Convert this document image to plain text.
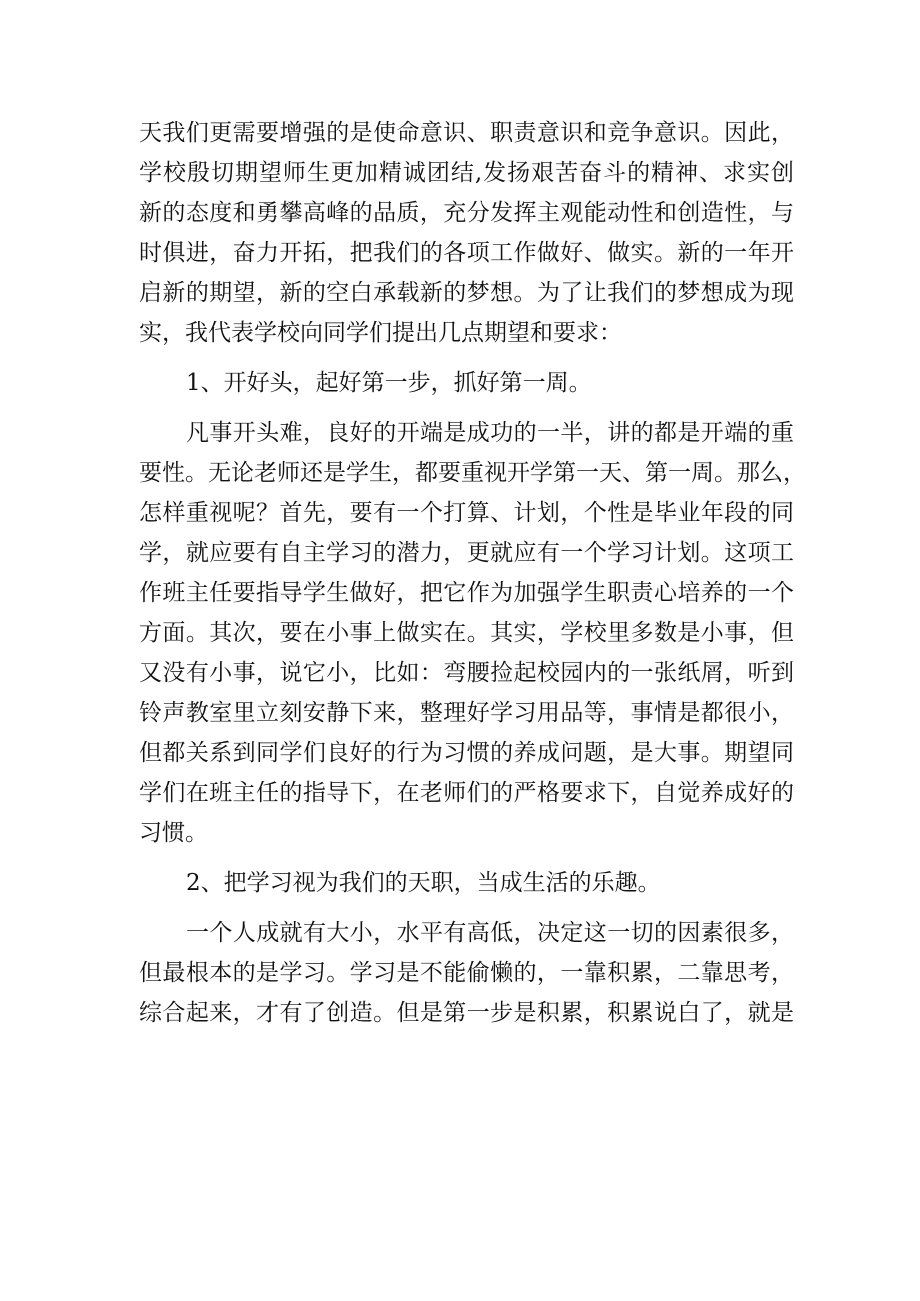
天我们更需要增强的是使命意识、职责意识和竞争意识。因此，
学校殷切期望师生更加精诚团结,发扬艰苦奋斗的精神、求实创
新的态度和勇攀高峰的品质，充分发挥主观能动性和创造性，与
时俱进，奋力开拓，把我们的各项工作做好、做实。新的一年开
启新的期望，新的空白承载新的梦想。为了让我们的梦想成为现
实，我代表学校向同学们提出几点期望和要求：
1、开好头，起好第一步，抓好第一周。
凡事开头难，良好的开端是成功的一半，讲的都是开端的重
要性。无论老师还是学生，都要重视开学第一天、第一周。那么，
怎样重视呢？首先，要有一个打算、计划，个性是毕业年段的同
学，就应要有自主学习的潜力，更就应有一个学习计划。这项工
作班主任要指导学生做好，把它作为加强学生职责心培养的一个
方面。其次，要在小事上做实在。其实，学校里多数是小事，但
又没有小事，说它小，比如：弯腰捡起校园内的一张纸屑，听到
铃声教室里立刻安静下来，整理好学习用品等，事情是都很小，
但都关系到同学们良好的行为习惯的养成问题，是大事。期望同
学们在班主任的指导下，在老师们的严格要求下，自觉养成好的
习惯。
2、把学习视为我们的天职，当成生活的乐趣。
一个人成就有大小，水平有高低，决定这一切的因素很多，
但最根本的是学习。学习是不能偷懒的，一靠积累，二靠思考，
综合起来，才有了创造。但是第一步是积累，积累说白了，就是
